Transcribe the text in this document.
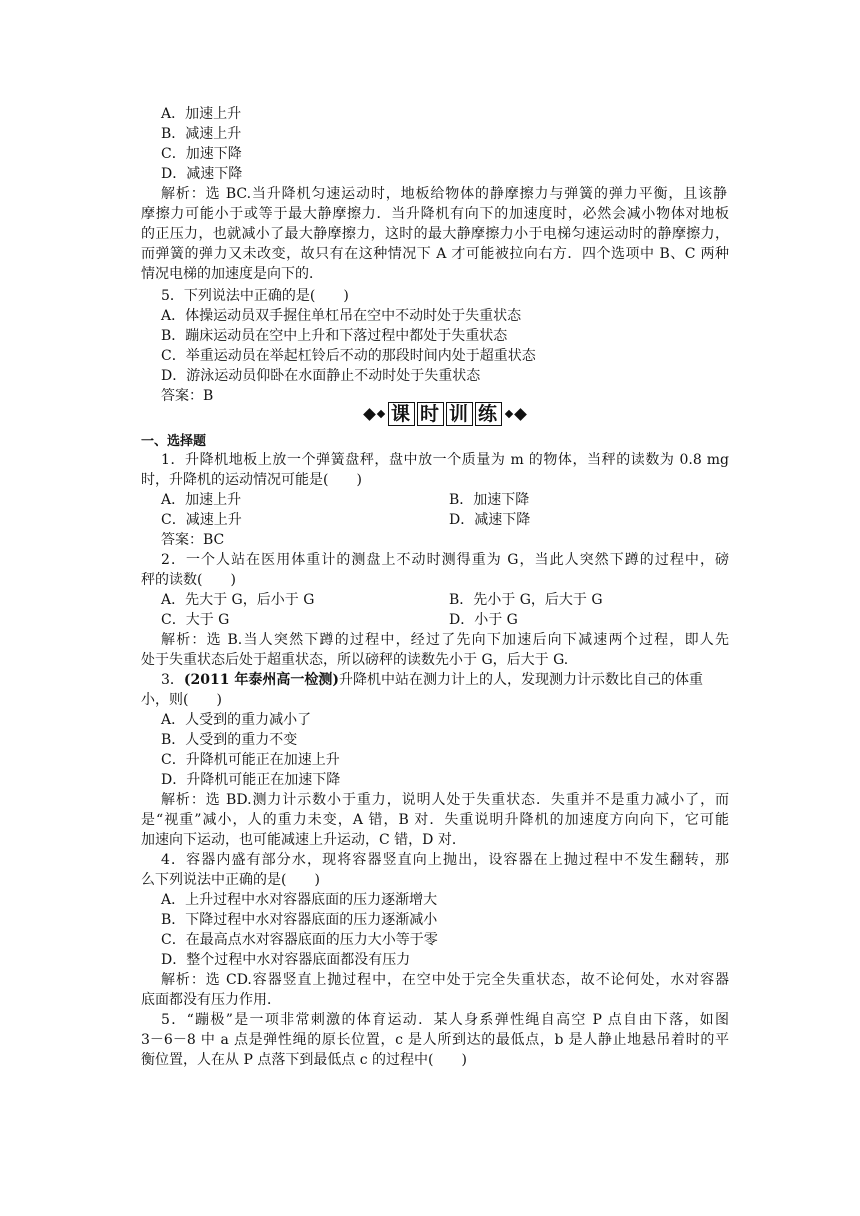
A．加速上升
B．减速上升
C．加速下降
D．减速下降
解析：选 BC.当升降机匀速运动时，地板给物体的静摩擦力与弹簧的弹力平衡，且该静
摩擦力可能小于或等于最大静摩擦力．当升降机有向下的加速度时，必然会减小物体对地板
的正压力，也就减小了最大静摩擦力，这时的最大静摩擦力小于电梯匀速运动时的静摩擦力，
而弹簧的弹力又未改变，故只有在这种情况下 A 才可能被拉向右方．四个选项中 B、C 两种
情况电梯的加速度是向下的．
5．下列说法中正确的是(　　)
A．体操运动员双手握住单杠吊在空中不动时处于失重状态
B．蹦床运动员在空中上升和下落过程中都处于失重状态
C．举重运动员在举起杠铃后不动的那段时间内处于超重状态
D．游泳运动员仰卧在水面静止不动时处于失重状态
答案：B
课 时 训 练
一、选择题
1．升降机地板上放一个弹簧盘秤，盘中放一个质量为 m 的物体，当秤的读数为 0.8 mg
时，升降机的运动情况可能是(　　)
A．加速上升	B．加速下降
C．减速上升	D．减速下降
答案：BC
2．一个人站在医用体重计的测盘上不动时测得重为 G，当此人突然下蹲的过程中，磅
秤的读数(　　)
A．先大于 G，后小于 G	B．先小于 G，后大于 G
C．大于 G	D．小于 G
解析：选 B.当人突然下蹲的过程中，经过了先向下加速后向下减速两个过程，即人先
处于失重状态后处于超重状态，所以磅秤的读数先小于 G，后大于 G.
3．(2011 年泰州高一检测)升降机中站在测力计上的人，发现测力计示数比自己的体重
小，则(　　)
A．人受到的重力减小了
B．人受到的重力不变
C．升降机可能正在加速上升
D．升降机可能正在加速下降
解析：选 BD.测力计示数小于重力，说明人处于失重状态．失重并不是重力减小了，而
是“视重”减小，人的重力未变，A 错，B 对．失重说明升降机的加速度方向向下，它可能
加速向下运动，也可能减速上升运动，C 错，D 对．
4．容器内盛有部分水，现将容器竖直向上抛出，设容器在上抛过程中不发生翻转，那
么下列说法中正确的是(　　)
A．上升过程中水对容器底面的压力逐渐增大
B．下降过程中水对容器底面的压力逐渐减小
C．在最高点水对容器底面的压力大小等于零
D．整个过程中水对容器底面都没有压力
解析：选 CD.容器竖直上抛过程中，在空中处于完全失重状态，故不论何处，水对容器
底面都没有压力作用．
5．“蹦极”是一项非常刺激的体育运动．某人身系弹性绳自高空 P 点自由下落，如图
3－6－8 中 a 点是弹性绳的原长位置，c 是人所到达的最低点，b 是人静止地悬吊着时的平
衡位置，人在从 P 点落下到最低点 c 的过程中(　　)
